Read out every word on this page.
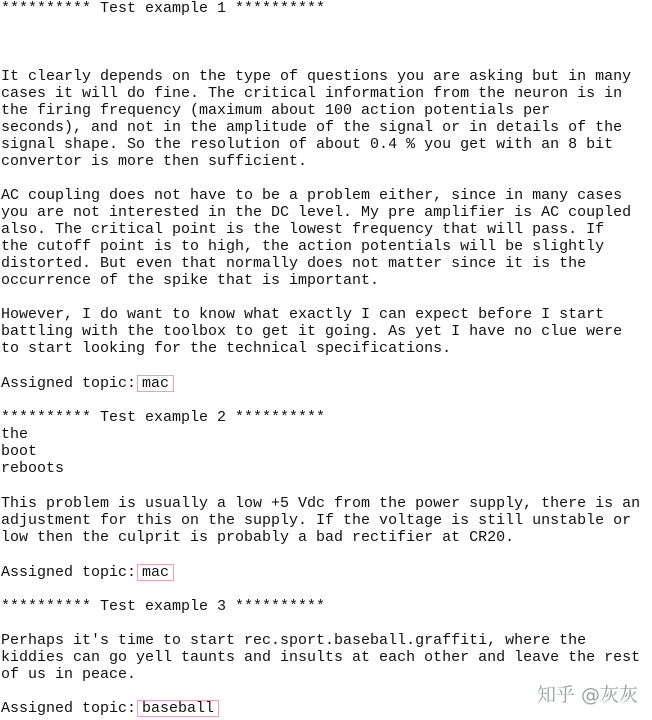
********** Test example 1 **********
It clearly depends on the type of questions you are asking but in many
cases it will do fine. The critical information from the neuron is in
the firing frequency (maximum about 100 action potentials per
seconds), and not in the amplitude of the signal or in details of the
signal shape. So the resolution of about 0.4 % you get with an 8 bit
convertor is more then sufficient.
AC coupling does not have to be a problem either, since in many cases
you are not interested in the DC level. My pre amplifier is AC coupled
also. The critical point is the lowest frequency that will pass. If
the cutoff point is to high, the action potentials will be slightly
distorted. But even that normally does not matter since it is the
occurrence of the spike that is important.
However, I do want to know what exactly I can expect before I start
battling with the toolbox to get it going. As yet I have no clue were
to start looking for the technical specifications.
Assigned topic: mac
********** Test example 2 **********
the
boot
reboots
This problem is usually a low +5 Vdc from the power supply, there is an
adjustment for this on the supply. If the voltage is still unstable or
low then the culprit is probably a bad rectifier at CR20.
Assigned topic: mac
********** Test example 3 **********
Perhaps it's time to start rec.sport.baseball.graffiti, where the
kiddies can go yell taunts and insults at each other and leave the rest
of us in peace.
Assigned topic: baseball
知乎 @灰灰
